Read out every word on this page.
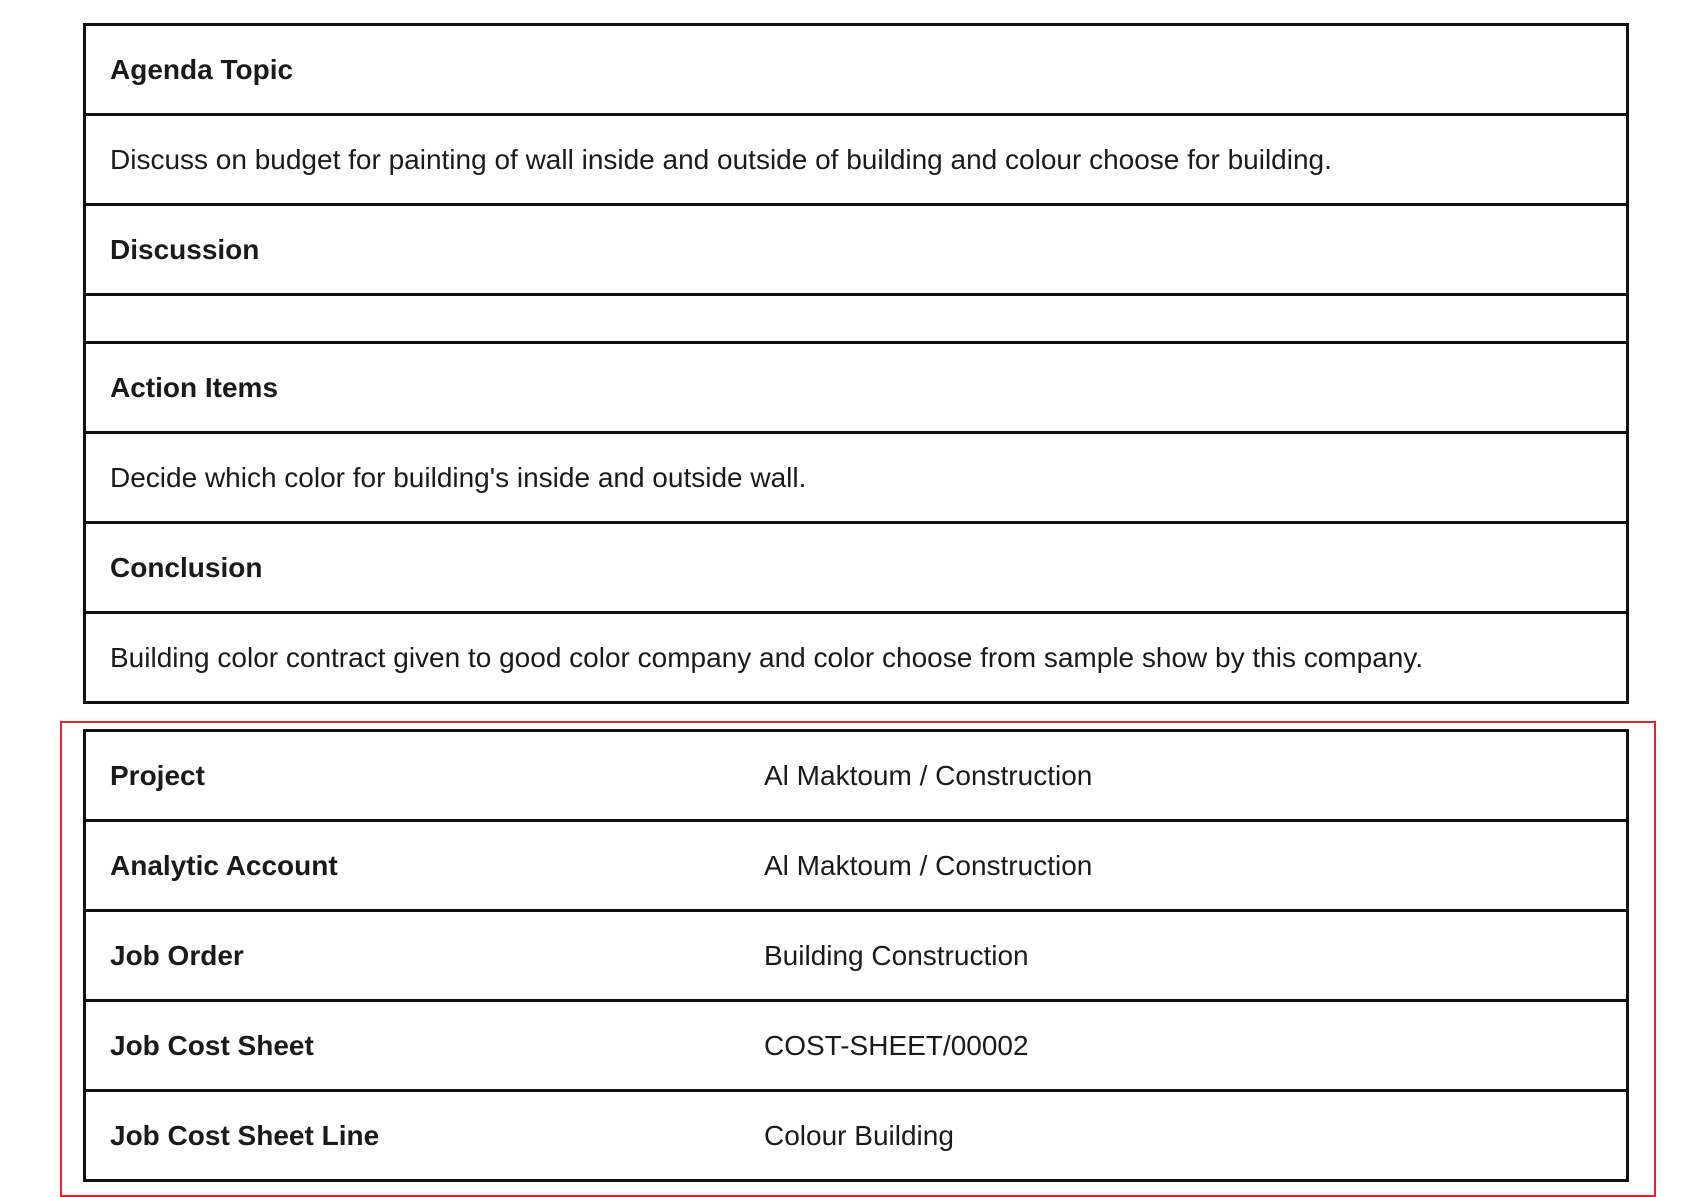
Agenda Topic
Discuss on budget for painting of wall inside and outside of building and colour choose for building.
Discussion
Action Items
Decide which color for building's inside and outside wall.
Conclusion
Building color contract given to good color company and color choose from sample show by this company.
Project	Al Maktoum / Construction
Analytic Account	Al Maktoum / Construction
Job Order	Building Construction
Job Cost Sheet	COST-SHEET/00002
Job Cost Sheet Line	Colour Building
